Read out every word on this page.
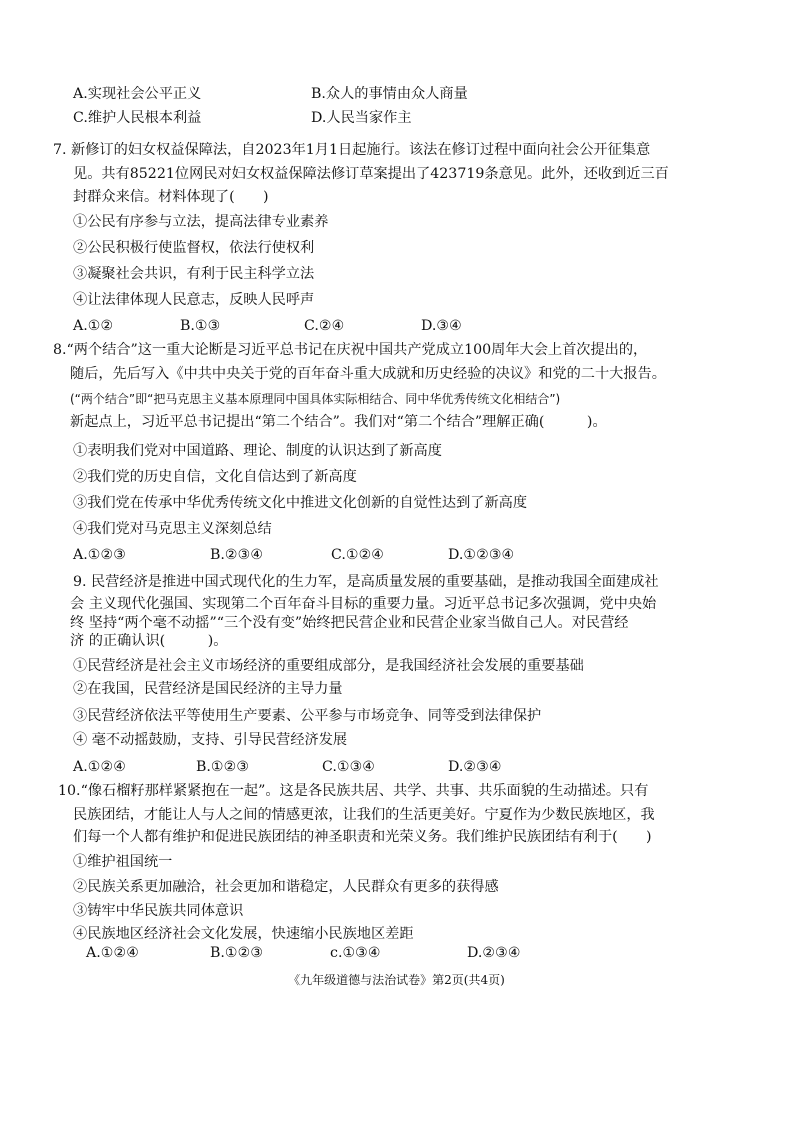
A.实现社会公平正义	B.众人的事情由众人商量
C.维护人民根本利益	D.人民当家作主
7. 新修订的妇女权益保障法，自2023年1月1日起施行。该法在修订过程中面向社会公开征集意
见。共有85221位网民对妇女权益保障法修订草案提出了423719条意见。此外，还收到近三百
封群众来信。材料体现了(　　)
①公民有序参与立法，提高法律专业素养
②公民积极行使监督权，依法行使权利
③凝聚社会共识，有利于民主科学立法
④让法律体现人民意志，反映人民呼声
A.①②	B.①③	C.②④	D.③④
8.“两个结合”这一重大论断是习近平总书记在庆祝中国共产党成立100周年大会上首次提出的，
随后，先后写入《中共中央关于党的百年奋斗重大成就和历史经验的决议》和党的二十大报告。
(“两个结合”即“把马克思主义基本原理同中国具体实际相结合、同中华优秀传统文化相结合”)
新起点上，习近平总书记提出“第二个结合”。我们对“第二个结合”理解正确(　　　)。
①表明我们党对中国道路、理论、制度的认识达到了新高度
②我们党的历史自信，文化自信达到了新高度
③我们党在传承中华优秀传统文化中推进文化创新的自觉性达到了新高度
④我们党对马克思主义深刻总结
A.①②③	B.②③④	C.①②④	D.①②③④
9. 民营经济是推进中国式现代化的生力军，是高质量发展的重要基础，是推动我国全面建成社
会 主义现代化强国、实现第二个百年奋斗目标的重要力量。习近平总书记多次强调，党中央始
终 坚持“两个毫不动摇”“三个没有变”始终把民营企业和民营企业家当做自己人。对民营经
济 的正确认识(　　　)。
①民营经济是社会主义市场经济的重要组成部分，是我国经济社会发展的重要基础
②在我国，民营经济是国民经济的主导力量
③民营经济依法平等使用生产要素、公平参与市场竞争、同等受到法律保护
④ 毫不动摇鼓励，支持、引导民营经济发展
A.①②④	B.①②③	C.①③④	D.②③④
10.“像石榴籽那样紧紧抱在一起”。这是各民族共居、共学、共事、共乐面貌的生动描述。只有
民族团结，才能让人与人之间的情感更浓，让我们的生活更美好。宁夏作为少数民族地区，我
们每一个人都有维护和促进民族团结的神圣职责和光荣义务。我们维护民族团结有利于(　　)
①维护祖国统一
②民族关系更加融洽，社会更加和谐稳定，人民群众有更多的获得感
③铸牢中华民族共同体意识
④民族地区经济社会文化发展，快速缩小民族地区差距
A.①②④	B.①②③	c.①③④	D.②③④
《九年级道德与法治试卷》第2页(共4页)
